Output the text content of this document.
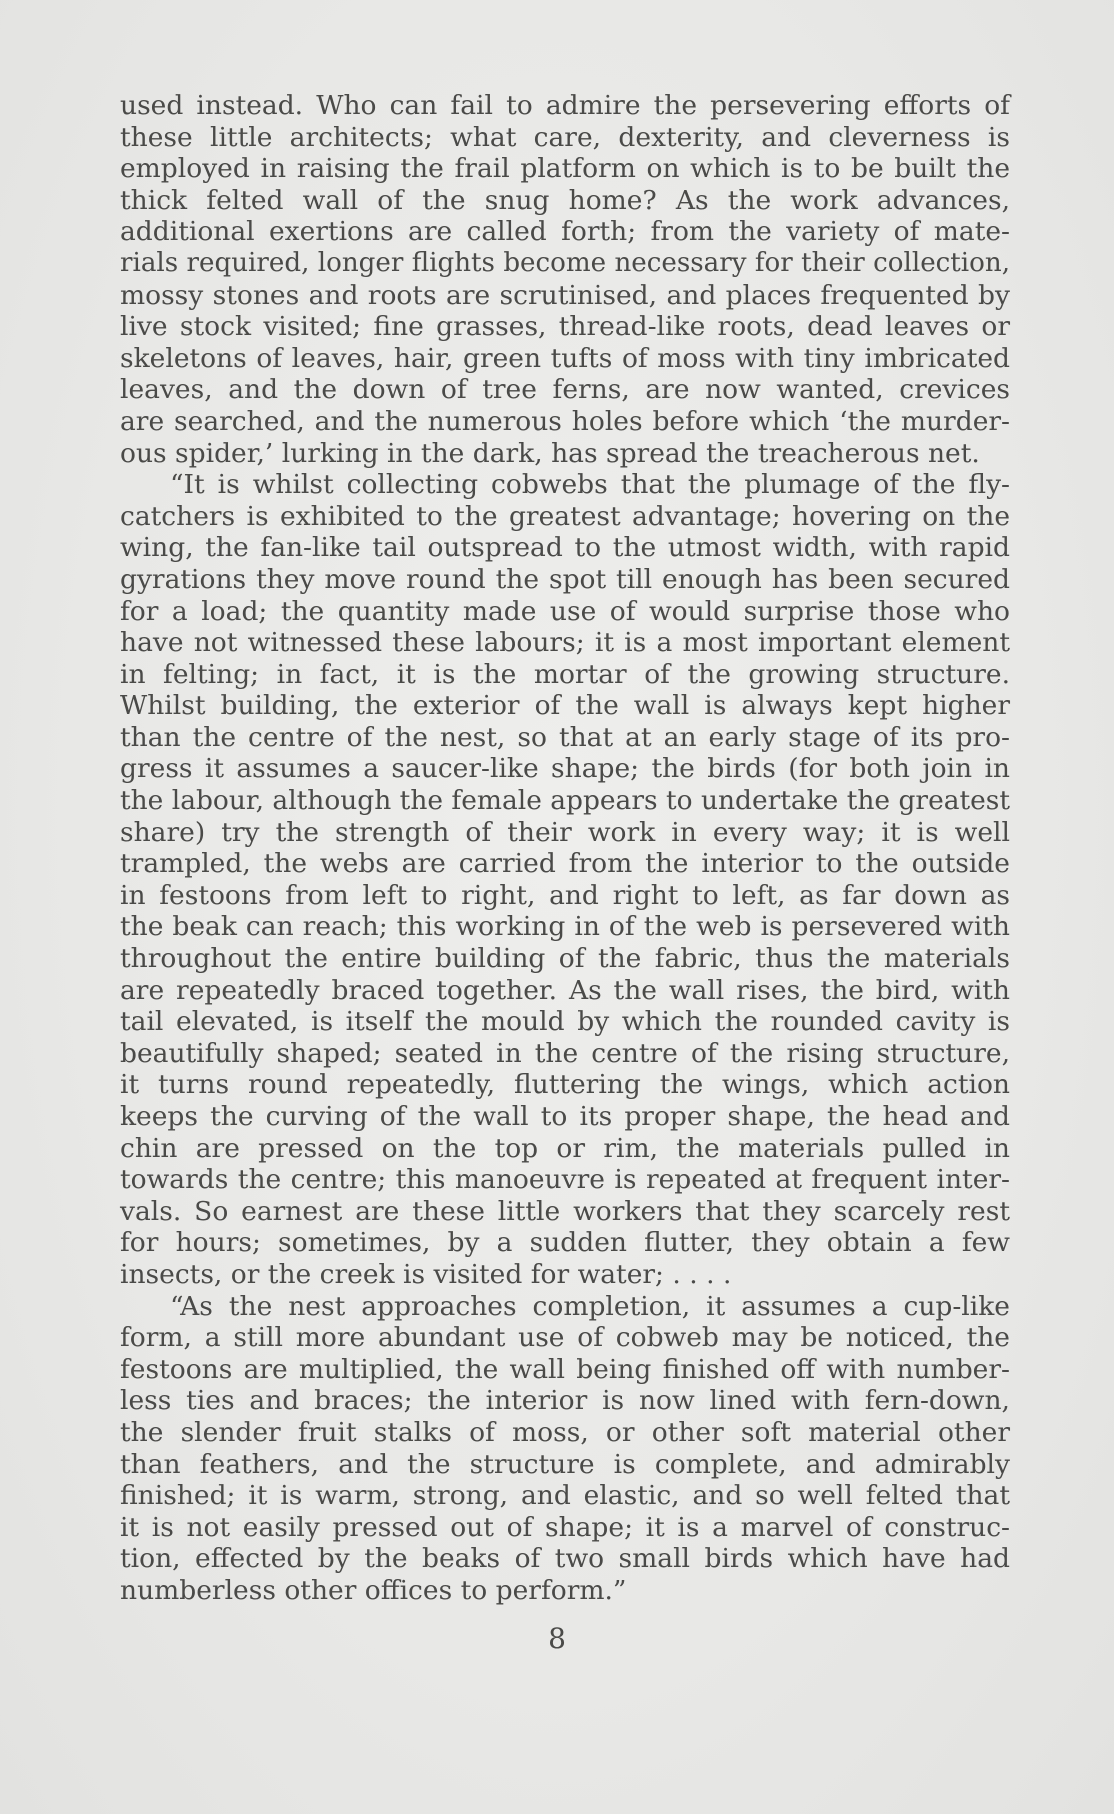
used instead. Who can fail to admire the persevering efforts of
these little architects; what care, dexterity, and cleverness is
employed in raising the frail platform on which is to be built the
thick felted wall of the snug home? As the work advances,
additional exertions are called forth; from the variety of mate-
rials required, longer flights become necessary for their collection,
mossy stones and roots are scrutinised, and places frequented by
live stock visited; fine grasses, thread-like roots, dead leaves or
skeletons of leaves, hair, green tufts of moss with tiny imbricated
leaves, and the down of tree ferns, are now wanted, crevices
are searched, and the numerous holes before which ‘the murder-
ous spider,’ lurking in the dark, has spread the treacherous net.
“It is whilst collecting cobwebs that the plumage of the fly-
catchers is exhibited to the greatest advantage; hovering on the
wing, the fan-like tail outspread to the utmost width, with rapid
gyrations they move round the spot till enough has been secured
for a load; the quantity made use of would surprise those who
have not witnessed these labours; it is a most important element
in felting; in fact, it is the mortar of the growing structure.
Whilst building, the exterior of the wall is always kept higher
than the centre of the nest, so that at an early stage of its pro-
gress it assumes a saucer-like shape; the birds (for both join in
the labour, although the female appears to undertake the greatest
share) try the strength of their work in every way; it is well
trampled, the webs are carried from the interior to the outside
in festoons from left to right, and right to left, as far down as
the beak can reach; this working in of the web is persevered with
throughout the entire building of the fabric, thus the materials
are repeatedly braced together. As the wall rises, the bird, with
tail elevated, is itself the mould by which the rounded cavity is
beautifully shaped; seated in the centre of the rising structure,
it turns round repeatedly, fluttering the wings, which action
keeps the curving of the wall to its proper shape, the head and
chin are pressed on the top or rim, the materials pulled in
towards the centre; this manoeuvre is repeated at frequent inter-
vals. So earnest are these little workers that they scarcely rest
for hours; sometimes, by a sudden flutter, they obtain a few
insects, or the creek is visited for water; . . . .
“As the nest approaches completion, it assumes a cup-like
form, a still more abundant use of cobweb may be noticed, the
festoons are multiplied, the wall being finished off with number-
less ties and braces; the interior is now lined with fern-down,
the slender fruit stalks of moss, or other soft material other
than feathers, and the structure is complete, and admirably
finished; it is warm, strong, and elastic, and so well felted that
it is not easily pressed out of shape; it is a marvel of construc-
tion, effected by the beaks of two small birds which have had
numberless other offices to perform.”
8
